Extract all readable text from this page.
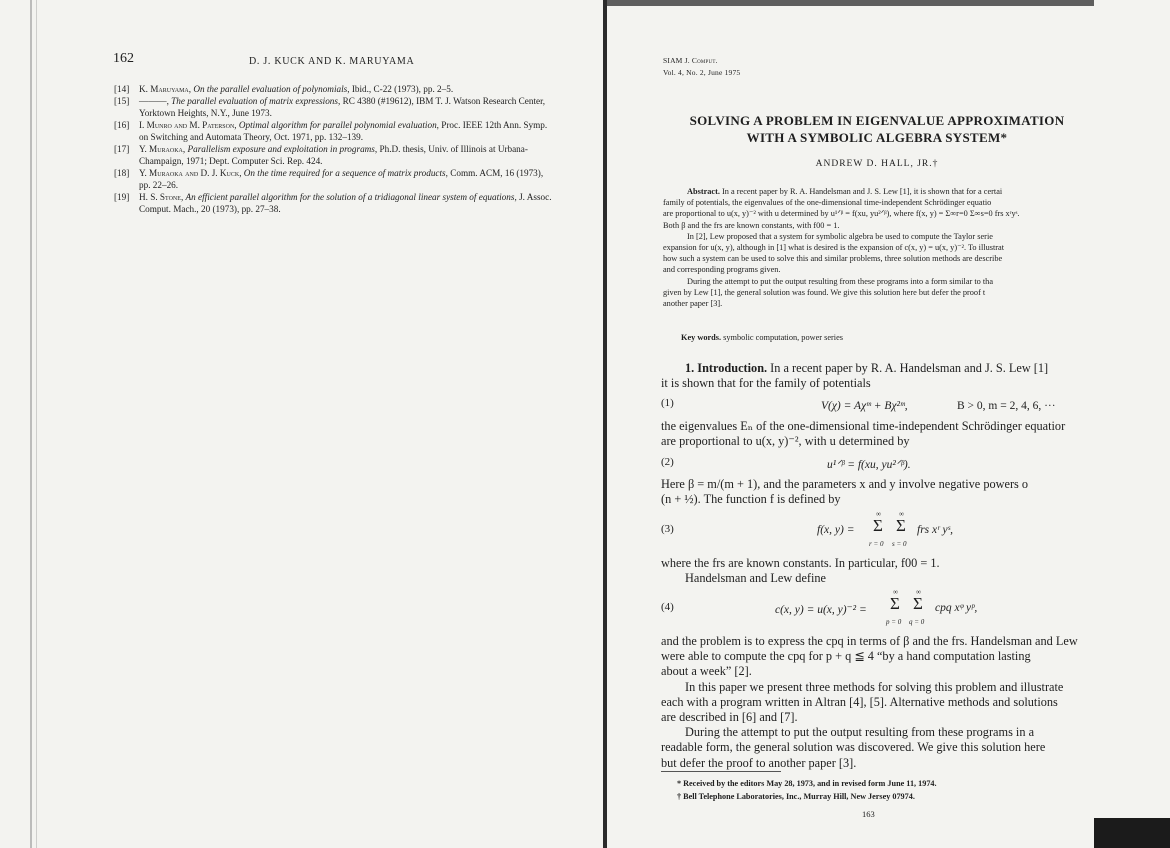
162	D. J. KUCK AND K. MARUYAMA
[14] K. Maruyama, On the parallel evaluation of polynomials, Ibid., C-22 (1973), pp. 2–5.
[15] ———, The parallel evaluation of matrix expressions, RC 4380 (#19612), IBM T. J. Watson Research Center, Yorktown Heights, N.Y., June 1973.
[16] I. Munro and M. Paterson, Optimal algorithm for parallel polynomial evaluation, Proc. IEEE 12th Ann. Symp. on Switching and Automata Theory, Oct. 1971, pp. 132–139.
[17] Y. Muraoka, Parallelism exposure and exploitation in programs, Ph.D. thesis, Univ. of Illinois at Urbana-Champaign, 1971; Dept. Computer Sci. Rep. 424.
[18] Y. Muraoka and D. J. Kuck, On the time required for a sequence of matrix products, Comm. ACM, 16 (1973), pp. 22–26.
[19] H. S. Stone, An efficient parallel algorithm for the solution of a tridiagonal linear system of equations, J. Assoc. Comput. Mach., 20 (1973), pp. 27–38.
SIAM J. Comput.
Vol. 4, No. 2, June 1975
SOLVING A PROBLEM IN EIGENVALUE APPROXIMATION
WITH A SYMBOLIC ALGEBRA SYSTEM*
ANDREW D. HALL, JR.†

Abstract. In a recent paper by R. A. Handelsman and J. S. Lew [1], it is shown that for a certai

family of potentials, the eigenvalues of the one-dimensional time-independent Schrödinger equatio

are proportional to u(x, y)⁻² with u determined by u¹ᐟᵝ = f(xu, yu²ᐟᵝ), where f(x, y) = Σ∞r=0 Σ∞s=0 frs xʳyˢ.

Both β and the frs are known constants, with f00 = 1.

In [2], Lew proposed that a system for symbolic algebra be used to compute the Taylor serie

expansion for u(x, y), although in [1] what is desired is the expansion of c(x, y) = u(x, y)⁻². To illustrat

how such a system can be used to solve this and similar problems, three solution methods are describe

and corresponding programs given.

During the attempt to put the output resulting from these programs into a form similar to tha

given by Lew [1], the general solution was found. We give this solution here but defer the proof t

another paper [3].

Key words. symbolic computation, power series

1. Introduction. In a recent paper by R. A. Handelsman and J. S. Lew [1]

it is shown that for the family of potentials

(1)	V(χ) = Aχᵐ + Bχ²ᵐ,	B > 0, m = 2, 4, 6, ···

the eigenvalues Eₙ of the one-dimensional time-independent Schrödinger equatior

are proportional to u(x, y)⁻², with u determined by

(2)	u¹ᐟᵝ = f(xu, yu²ᐟᵝ).

Here β = m/(m + 1), and the parameters x and y involve negative powers o

(n + ½). The function f is defined by

(3)	f(x, y) =
∞
Σ
r = 0
∞
Σ
s = 0
frs xʳ yˢ,

where the frs are known constants. In particular, f00 = 1.

Handelsman and Lew define

(4)	c(x, y) = u(x, y)⁻² =
∞
Σ
p = 0
∞
Σ
q = 0
cpq xᵠ yᵖ,

and the problem is to express the cpq in terms of β and the frs. Handelsman and Lew

were able to compute the cpq for p + q ≦ 4 “by a hand computation lasting

about a week” [2].

In this paper we present three methods for solving this problem and illustrate

each with a program written in Altran [4], [5]. Alternative methods and solutions

are described in [6] and [7].

During the attempt to put the output resulting from these programs in a

readable form, the general solution was discovered. We give this solution here

but defer the proof to another paper [3].

* Received by the editors May 28, 1973, and in revised form June 11, 1974.
† Bell Telephone Laboratories, Inc., Murray Hill, New Jersey 07974.
163
